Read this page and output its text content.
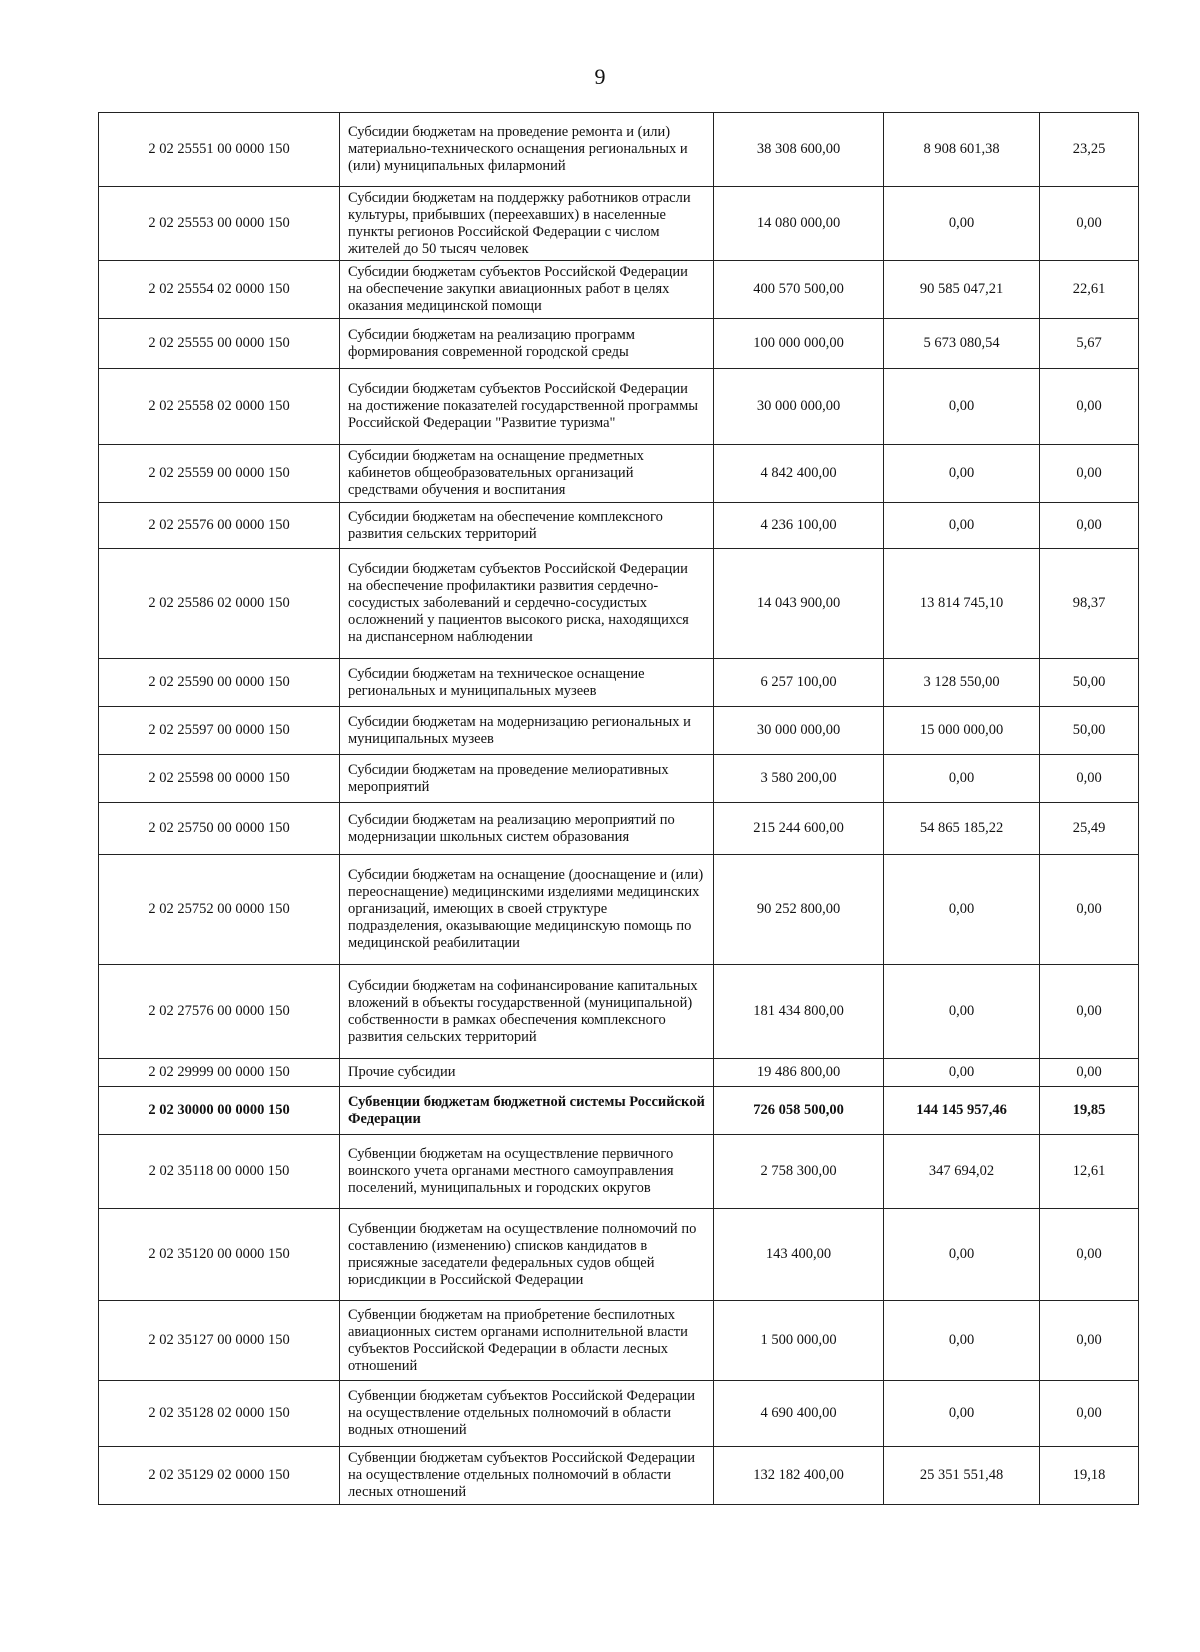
9
2 02 25551 00 0000 150	Субсидии бюджетам на проведение ремонта и (или) материально-технического оснащения региональных и (или) муниципальных филармоний	38 308 600,00	8 908 601,38	23,25
2 02 25553 00 0000 150	Субсидии бюджетам на поддержку работников отрасли культуры, прибывших (переехавших) в населенные пункты регионов Российской Федерации с числом жителей до 50 тысяч человек	14 080 000,00	0,00	0,00
2 02 25554 02 0000 150	Субсидии бюджетам субъектов Российской Федерации на обеспечение закупки авиационных работ в целях оказания медицинской помощи	400 570 500,00	90 585 047,21	22,61
2 02 25555 00 0000 150	Субсидии бюджетам на реализацию программ формирования современной городской среды	100 000 000,00	5 673 080,54	5,67
2 02 25558 02 0000 150	Субсидии бюджетам субъектов Российской Федерации на достижение показателей государственной программы Российской Федерации "Развитие туризма"	30 000 000,00	0,00	0,00
2 02 25559 00 0000 150	Субсидии бюджетам на оснащение предметных кабинетов общеобразовательных организаций средствами обучения и воспитания	4 842 400,00	0,00	0,00
2 02 25576 00 0000 150	Субсидии бюджетам на обеспечение комплексного развития сельских территорий	4 236 100,00	0,00	0,00
2 02 25586 02 0000 150	Субсидии бюджетам субъектов Российской Федерации на обеспечение профилактики развития сердечно-сосудистых заболеваний и сердечно-сосудистых осложнений у пациентов высокого риска, находящихся на диспансерном наблюдении	14 043 900,00	13 814 745,10	98,37
2 02 25590 00 0000 150	Субсидии бюджетам на техническое оснащение региональных и муниципальных музеев	6 257 100,00	3 128 550,00	50,00
2 02 25597 00 0000 150	Субсидии бюджетам на модернизацию региональных и муниципальных музеев	30 000 000,00	15 000 000,00	50,00
2 02 25598 00 0000 150	Субсидии бюджетам на проведение мелиоративных мероприятий	3 580 200,00	0,00	0,00
2 02 25750 00 0000 150	Субсидии бюджетам на реализацию мероприятий по модернизации школьных систем образования	215 244 600,00	54 865 185,22	25,49
2 02 25752 00 0000 150	Субсидии бюджетам на оснащение (дооснащение и (или) переоснащение) медицинскими изделиями медицинских организаций, имеющих в своей структуре подразделения, оказывающие медицинскую помощь по медицинской реабилитации	90 252 800,00	0,00	0,00
2 02 27576 00 0000 150	Субсидии бюджетам на софинансирование капитальных вложений в объекты государственной (муниципальной) собственности в рамках обеспечения комплексного развития сельских территорий	181 434 800,00	0,00	0,00
2 02 29999 00 0000 150	Прочие субсидии	19 486 800,00	0,00	0,00
2 02 30000 00 0000 150	Субвенции бюджетам бюджетной системы Российской Федерации	726 058 500,00	144 145 957,46	19,85
2 02 35118 00 0000 150	Субвенции бюджетам на осуществление первичного воинского учета органами местного самоуправления поселений, муниципальных и городских округов	2 758 300,00	347 694,02	12,61
2 02 35120 00 0000 150	Субвенции бюджетам на осуществление полномочий по составлению (изменению) списков кандидатов в присяжные заседатели федеральных судов общей юрисдикции в Российской Федерации	143 400,00	0,00	0,00
2 02 35127 00 0000 150	Субвенции бюджетам на приобретение беспилотных авиационных систем органами исполнительной власти субъектов Российской Федерации в области лесных отношений	1 500 000,00	0,00	0,00
2 02 35128 02 0000 150	Субвенции бюджетам субъектов Российской Федерации на осуществление отдельных полномочий в области водных отношений	4 690 400,00	0,00	0,00
2 02 35129 02 0000 150	Субвенции бюджетам субъектов Российской Федерации на осуществление отдельных полномочий в области лесных отношений	132 182 400,00	25 351 551,48	19,18
